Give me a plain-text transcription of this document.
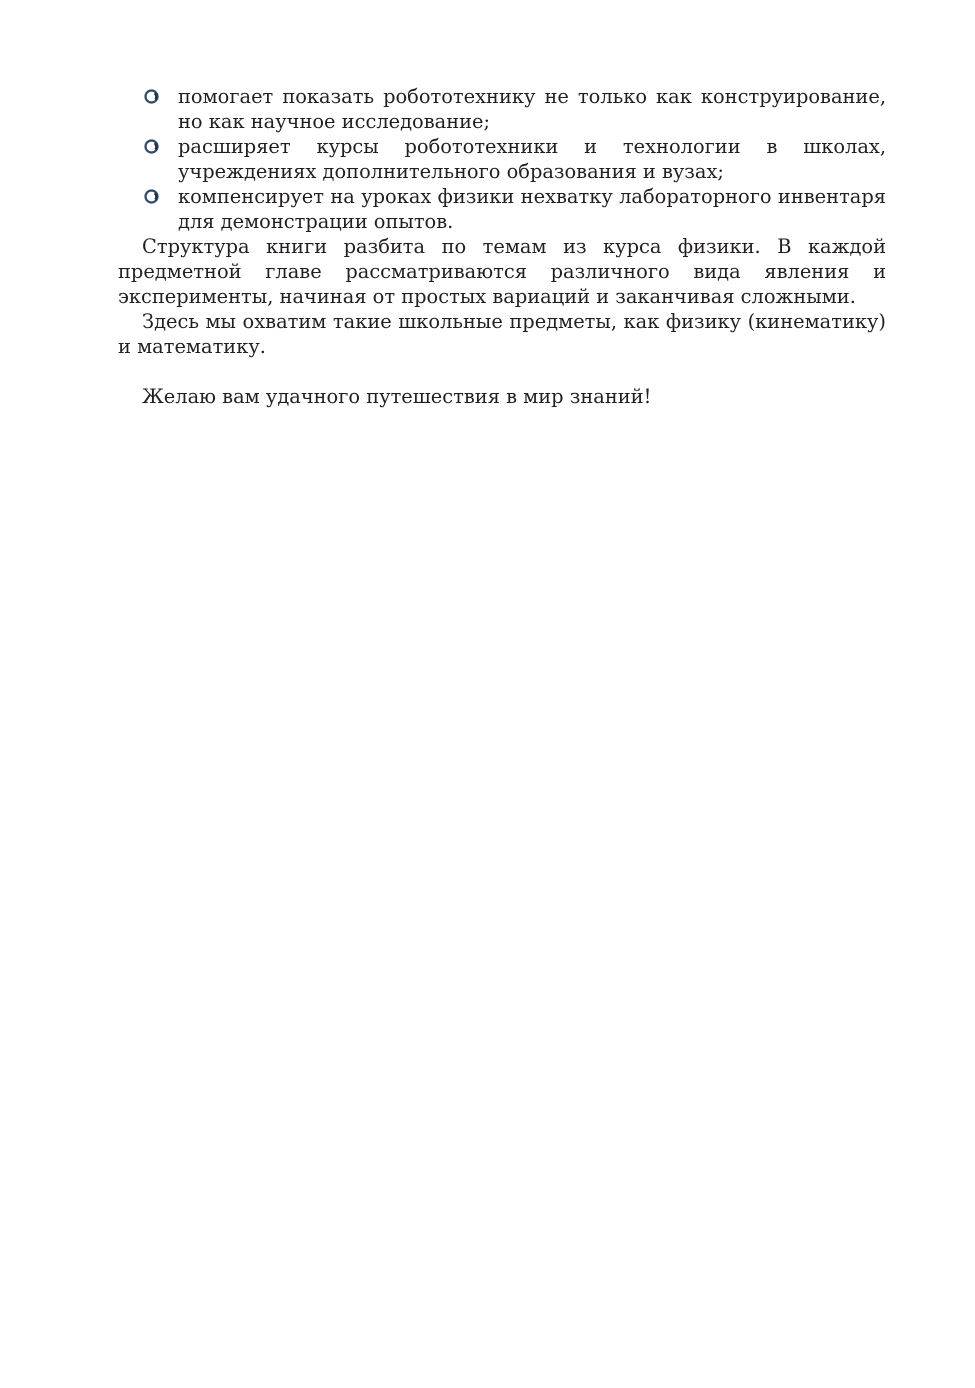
помогает показать робототехнику не только как конструирование, но как научное исследование;
расширяет курсы робототехники и технологии в школах, учреждениях дополнительного образования и вузах;
компенсирует на уроках физики нехватку лабораторного инвентаря для демонстрации опытов.

Структура книги разбита по темам из курса физики. В каждой предметной главе рассматриваются различного вида явления и эксперименты, начиная от простых вариаций и заканчивая сложными.

Здесь мы охватим такие школьные предметы, как физику (кинематику) и математику.

Желаю вам удачного путешествия в мир знаний!
